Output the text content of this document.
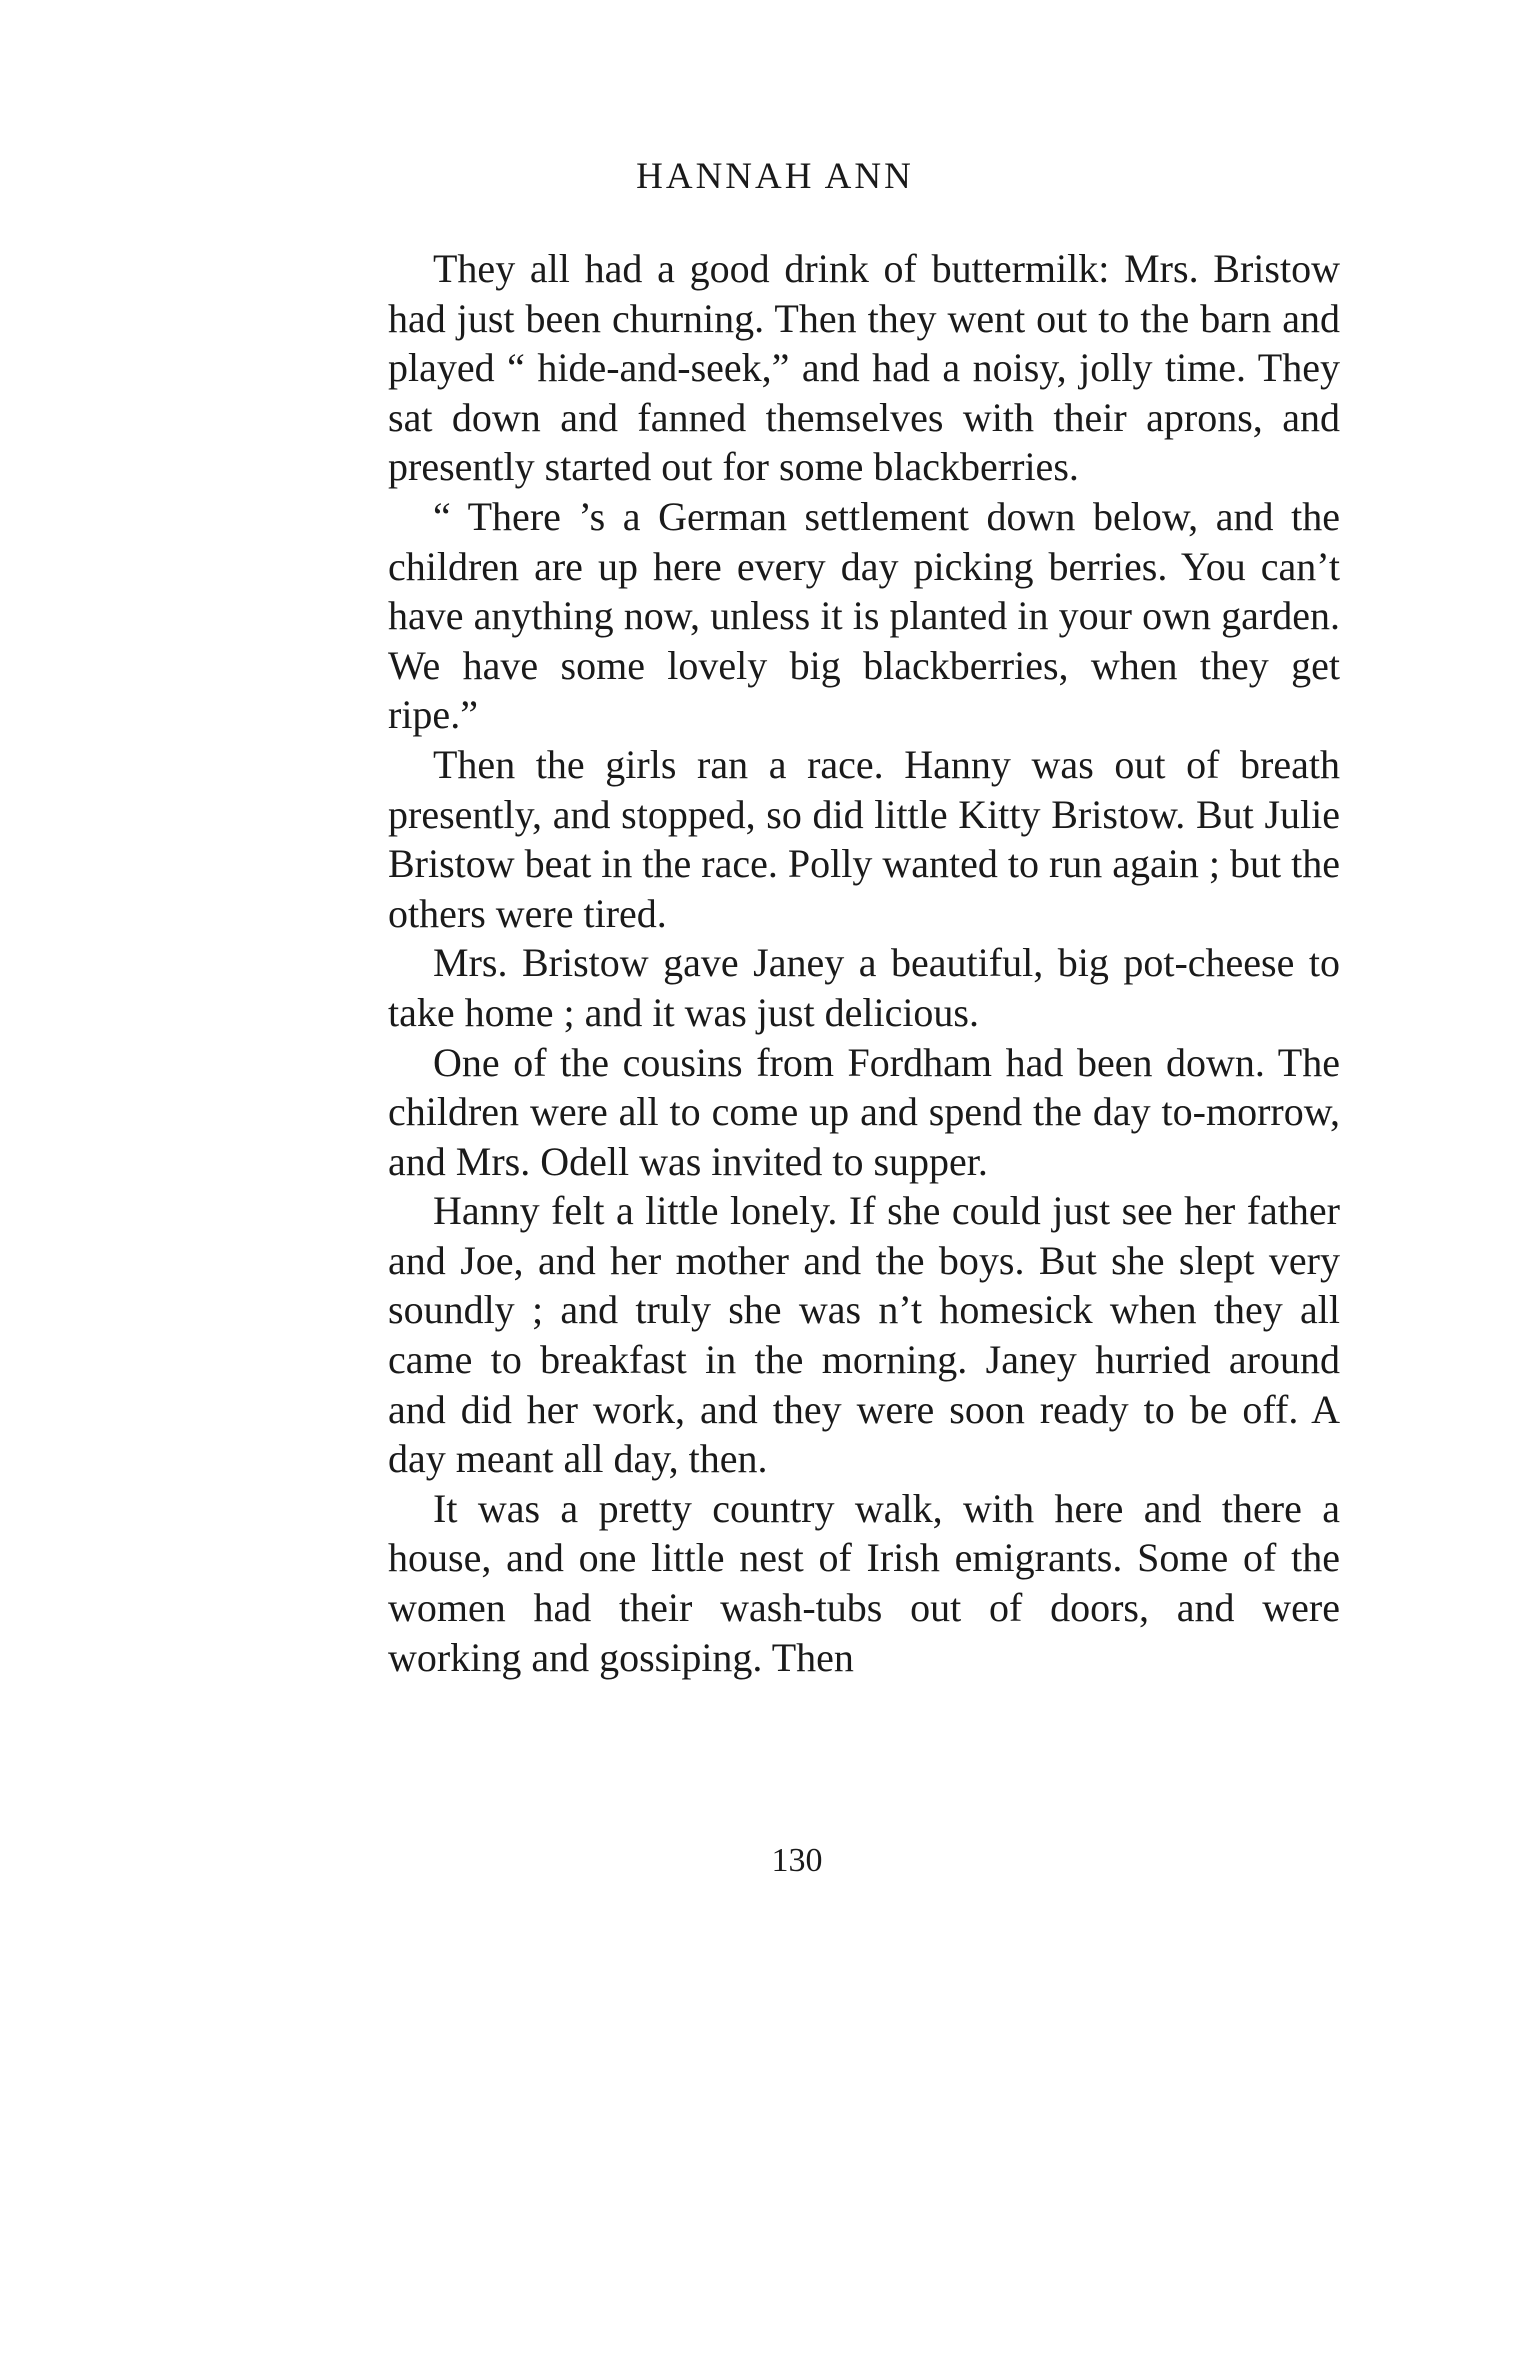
HANNAH ANN

They all had a good drink of buttermilk: Mrs. Bristow had just been churning. Then they went out to the barn and played “ hide-and-seek,” and had a noisy, jolly time. They sat down and fanned themselves with their aprons, and presently started out for some blackberries.

“ There ’s a German settlement down below, and the children are up here every day picking berries. You can’t have anything now, unless it is planted in your own garden. We have some lovely big blackberries, when they get ripe.”

Then the girls ran a race. Hanny was out of breath presently, and stopped, so did little Kitty Bristow. But Julie Bristow beat in the race. Polly wanted to run again ; but the others were tired.

Mrs. Bristow gave Janey a beautiful, big pot-cheese to take home ; and it was just delicious.

One of the cousins from Fordham had been down. The children were all to come up and spend the day to-morrow, and Mrs. Odell was invited to supper.

Hanny felt a little lonely. If she could just see her father and Joe, and her mother and the boys. But she slept very soundly ; and truly she was n’t homesick when they all came to breakfast in the morning. Janey hurried around and did her work, and they were soon ready to be off. A day meant all day, then.

It was a pretty country walk, with here and there a house, and one little nest of Irish emigrants. Some of the women had their wash-tubs out of doors, and were working and gossiping. Then

130
